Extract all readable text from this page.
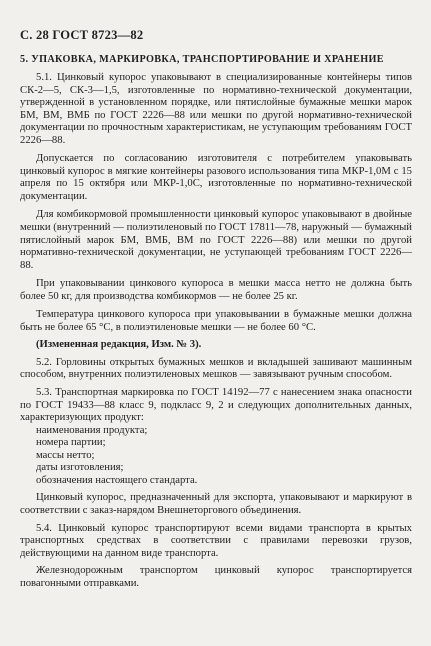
С. 28 ГОСТ 8723—82
5. УПАКОВКА, МАРКИРОВКА, ТРАНСПОРТИРОВАНИЕ И ХРАНЕНИЕ

5.1. Цинковый купорос упаковывают в специализированные контейнеры типов СК-2—5, СК-3—1,5, изготовленные по нормативно-технической документации, утвержденной в установленном порядке, или пятислойные бумажные мешки марок БМ, ВМ, ВМБ по ГОСТ 2226—88 или мешки по другой нормативно-технической документации по прочностным характеристикам, не уступающим требованиям ГОСТ 2226—88.

Допускается по согласованию изготовителя с потребителем упаковывать цинковый купорос в мягкие контейнеры разового использования типа МКР-1,0М с 15 апреля по 15 октября или МКР-1,0С, изготовленные по нормативно-технической документации.

Для комбикормовой промышленности цинковый купорос упаковывают в двойные мешки (внутренний — полиэтиленовый по ГОСТ 17811—78, наружный — бумажный пятислойный марок БМ, ВМБ, ВМ по ГОСТ 2226—88) или мешки по другой нормативно-технической документации, не уступающей требованиям ГОСТ 2226—88.

При упаковывании цинкового купороса в мешки масса нетто не должна быть более 50 кг, для производства комбикормов — не более 25 кг.

Температура цинкового купороса при упаковывании в бумажные мешки должна быть не более 65 °С, в полиэтиленовые мешки — не более 60 °С.

(Измененная редакция, Изм. № 3).

5.2. Горловины открытых бумажных мешков и вкладышей зашивают машинным способом, внутренних полиэтиленовых мешков — завязывают ручным способом.

5.3. Транспортная маркировка по ГОСТ 14192—77 с нанесением знака опасности по ГОСТ 19433—88 класс 9, подкласс 9, 2 и следующих дополнительных данных, характеризующих продукт:

наименования продукта;

номера партии;

массы нетто;

даты изготовления;

обозначения настоящего стандарта.

Цинковый купорос, предназначенный для экспорта, упаковывают и маркируют в соответствии с заказ-нарядом Внешнеторгового объединения.

5.4. Цинковый купорос транспортируют всеми видами транспорта в крытых транспортных средствах в соответствии с правилами перевозки грузов, действующими на данном виде транспорта.

Железнодорожным транспортом цинковый купорос транспортируется повагонными отправками.
